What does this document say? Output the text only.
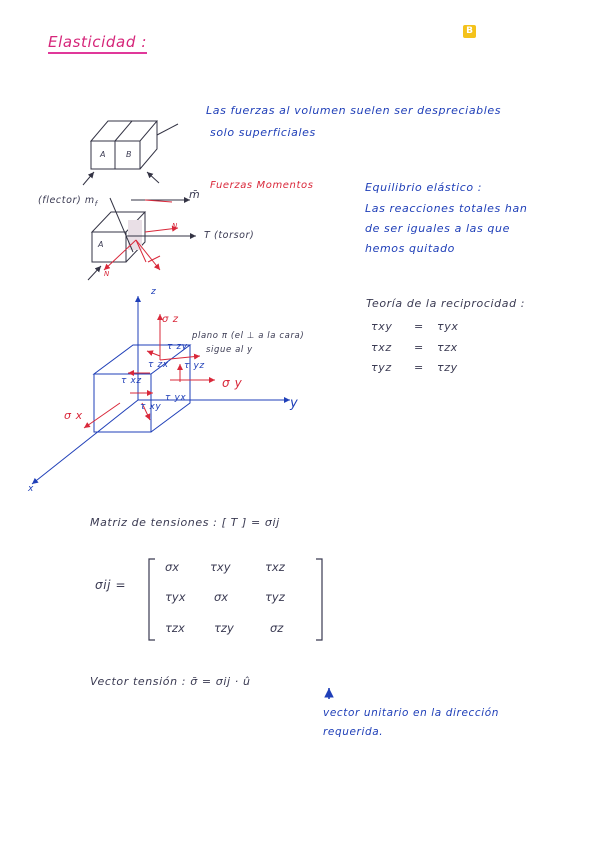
Elasticidad :
B
Las fuerzas al volumen suelen ser despreciables
solo superficiales
A B
Fuerzas Momentos
(flector) $m_f$
m̄
T (torsor)
A
N
N
Equilibrio elástico :
Las reacciones totales han
de ser iguales a las que
hemos quitado
z
y
x
σ z
σ y
σ x
τ zy
τ zx τ yz
τ xz
τ yx
τ xy
plano π (el ⊥ a la cara)
sigue al y
Teoría de la reciprocidad :
τxy = τyx
τxz = τzx
τyz = τzy
Matriz de tensiones : [ T ] = σij
σij =
σx	τxy	τxz
τyx σx	τyz
τzx	τzy	σz
Vector tensión : σ̄ = σij · û
vector unitario en la dirección
requerida.
